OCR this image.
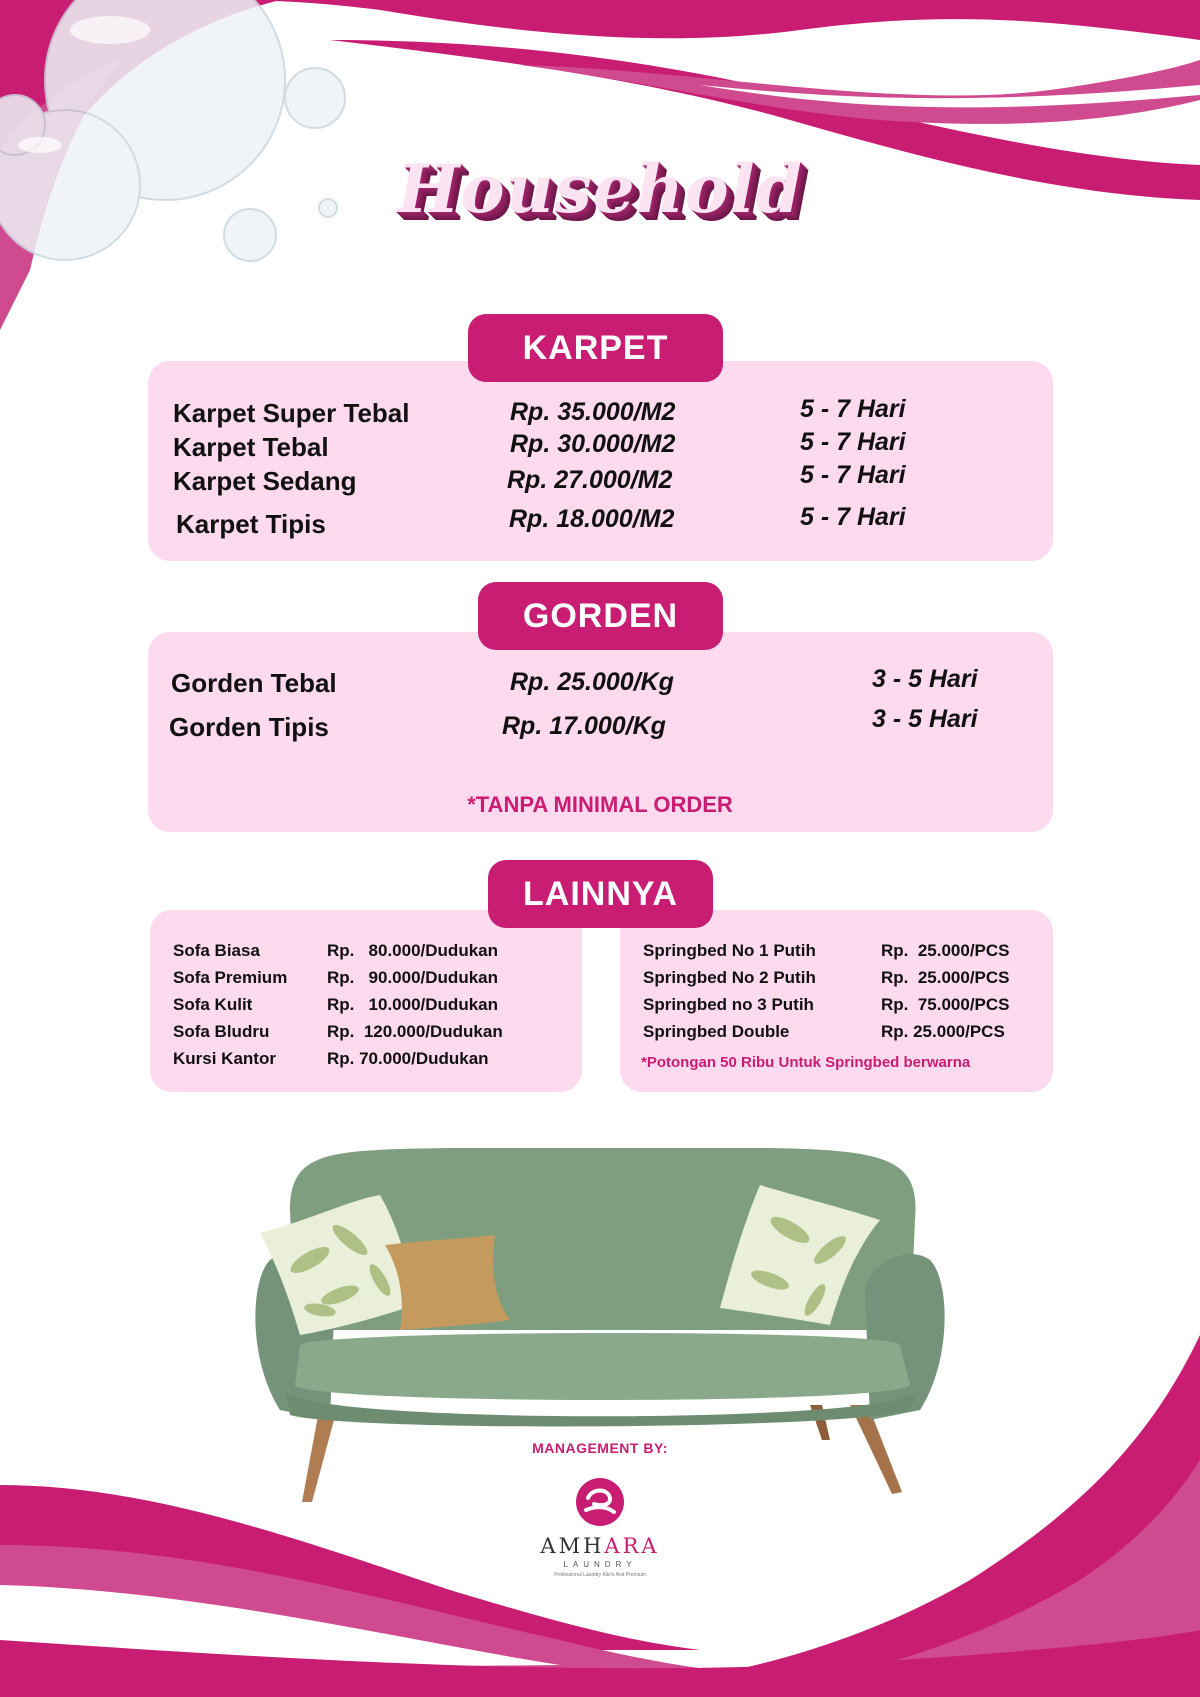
Household
KARPET
Karpet Super Tebal	Rp. 35.000/M2	5 - 7 Hari
Karpet Tebal	Rp. 30.000/M2	5 - 7 Hari
Karpet Sedang	Rp. 27.000/M2	5 - 7 Hari
Karpet Tipis	Rp. 18.000/M2	5 - 7 Hari
GORDEN
Gorden Tebal	Rp. 25.000/Kg	3 - 5 Hari
Gorden Tipis	Rp. 17.000/Kg	3 - 5 Hari
*TANPA MINIMAL ORDER
LAINNYA
Sofa Biasa	Rp.   80.000/Dudukan
Sofa Premium Rp.   90.000/Dudukan
Sofa Kulit	Rp.   10.000/Dudukan
Sofa Bludru	Rp.  120.000/Dudukan
Kursi Kantor	Rp. 70.000/Dudukan
Springbed No 1 Putih	Rp.  25.000/PCS
Springbed No 2 Putih	Rp.  25.000/PCS
Springbed no 3 Putih	Rp.  75.000/PCS
Springbed Double	Rp. 25.000/PCS
*Potongan 50 Ribu Untuk Springbed berwarna
MANAGEMENT BY:
AMHARA
LAUNDRY
Professional Laundry Kilo's And Premium
